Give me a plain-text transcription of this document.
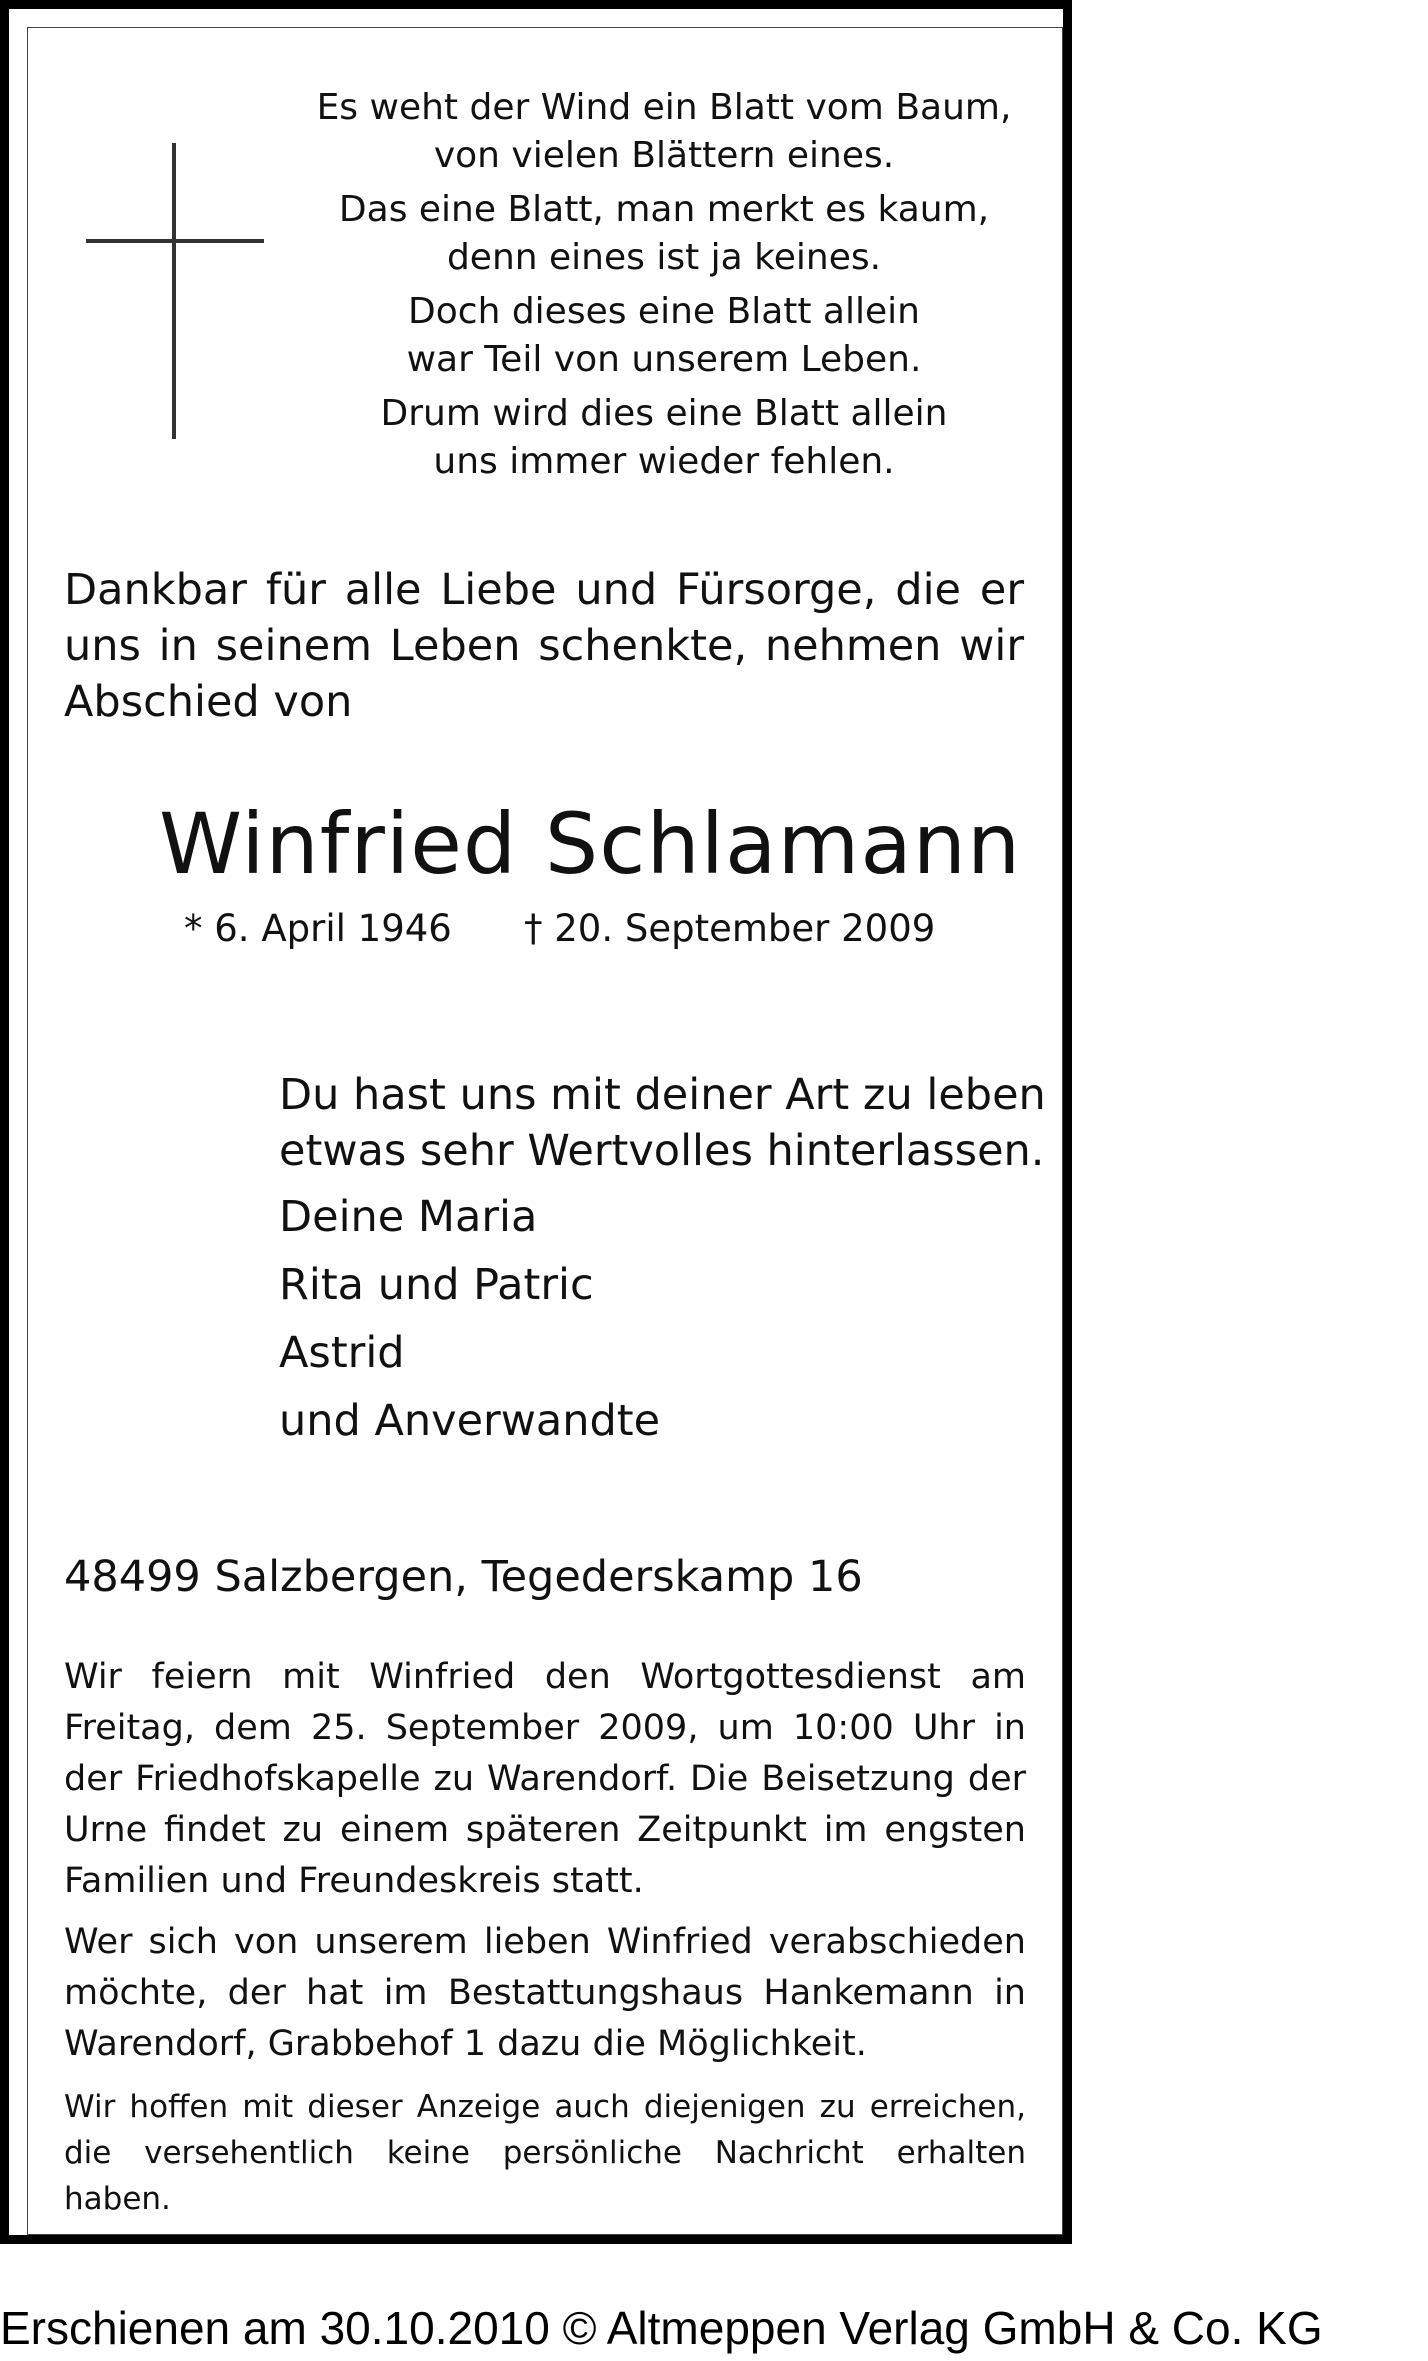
Es weht der Wind ein Blatt vom Baum,
von vielen Blättern eines.
Das eine Blatt, man merkt es kaum,
denn eines ist ja keines.
Doch dieses eine Blatt allein
war Teil von unserem Leben.
Drum wird dies eine Blatt allein
uns immer wieder fehlen.
Dankbar für alle Liebe und Fürsorge, die er uns in seinem Leben schenkte, nehmen wir Abschied von
Winfried Schlamann
* 6. April 1946 † 20. September 2009
Du hast uns mit deiner Art zu leben
etwas sehr Wertvolles hinterlassen.
Deine Maria
Rita und Patric
Astrid
und Anverwandte
48499 Salzbergen, Tegederskamp 16
Wir feiern mit Winfried den Wortgottesdienst am Freitag, dem 25. September 2009, um 10:00 Uhr in der Friedhofskapelle zu Warendorf. Die Beisetzung der Urne findet zu einem späteren Zeitpunkt im engsten Familien und Freundeskreis statt.
Wer sich von unserem lieben Winfried verabschieden möchte, der hat im Bestattungshaus Hankemann in Warendorf, Grabbehof 1 dazu die Möglichkeit.
Wir hoffen mit dieser Anzeige auch diejenigen zu erreichen, die versehentlich keine persönliche Nachricht erhalten haben.
Erschienen am 30.10.2010 © Altmeppen Verlag GmbH & Co. KG
